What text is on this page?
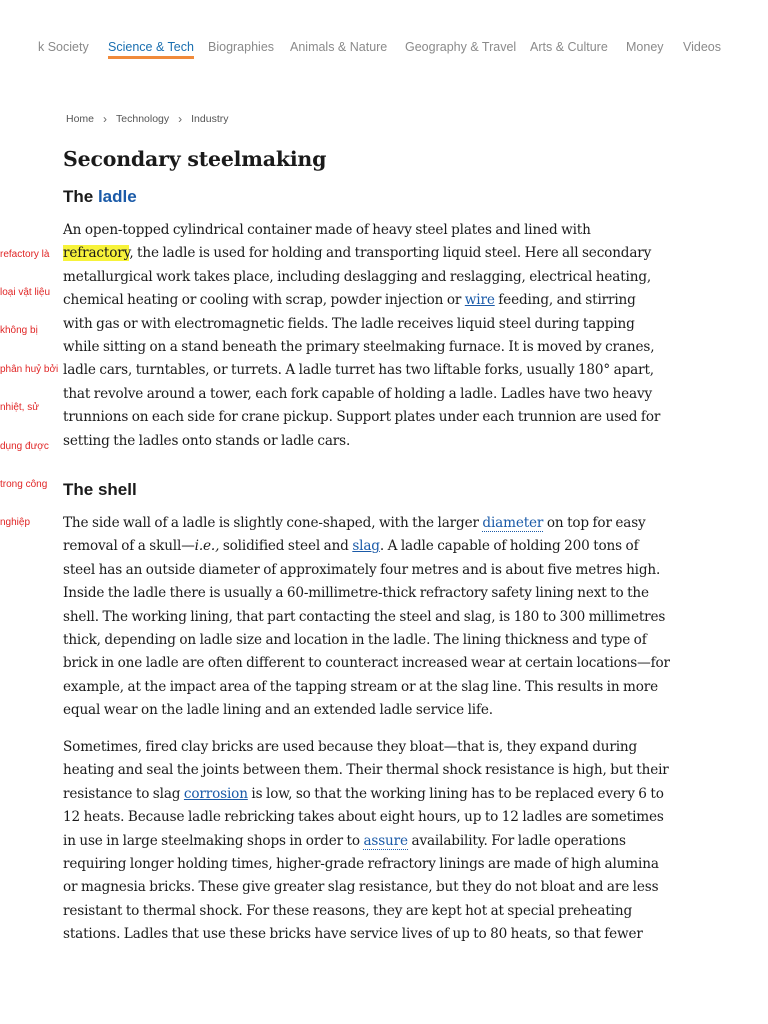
k Society Science & Tech Biographies Animals & Nature Geography & Travel Arts & Culture Money Videos
Home › Technology › Industry
Secondary steelmaking
The ladle

refactory là

loại vật liệu

không bị

phân huỷ bởi

nhiệt, sử

dụng được

trong công

nghiệp

An open-topped cylindrical container made of heavy steel plates and lined with
refractory, the ladle is used for holding and transporting liquid steel. Here all secondary
metallurgical work takes place, including deslagging and reslagging, electrical heating,
chemical heating or cooling with scrap, powder injection or wire feeding, and stirring
with gas or with electromagnetic fields. The ladle receives liquid steel during tapping
while sitting on a stand beneath the primary steelmaking furnace. It is moved by cranes,
ladle cars, turntables, or turrets. A ladle turret has two liftable forks, usually 180° apart,
that revolve around a tower, each fork capable of holding a ladle. Ladles have two heavy
trunnions on each side for crane pickup. Support plates under each trunnion are used for
setting the ladles onto stands or ladle cars.

The shell

The side wall of a ladle is slightly cone-shaped, with the larger diameter on top for easy
removal of a skull—i.e., solidified steel and slag. A ladle capable of holding 200 tons of
steel has an outside diameter of approximately four metres and is about five metres high.
Inside the ladle there is usually a 60-millimetre-thick refractory safety lining next to the
shell. The working lining, that part contacting the steel and slag, is 180 to 300 millimetres
thick, depending on ladle size and location in the ladle. The lining thickness and type of
brick in one ladle are often different to counteract increased wear at certain locations—for
example, at the impact area of the tapping stream or at the slag line. This results in more
equal wear on the ladle lining and an extended ladle service life.

Sometimes, fired clay bricks are used because they bloat—that is, they expand during
heating and seal the joints between them. Their thermal shock resistance is high, but their
resistance to slag corrosion is low, so that the working lining has to be replaced every 6 to
12 heats. Because ladle rebricking takes about eight hours, up to 12 ladles are sometimes
in use in large steelmaking shops in order to assure availability. For ladle operations
requiring longer holding times, higher-grade refractory linings are made of high alumina
or magnesia bricks. These give greater slag resistance, but they do not bloat and are less
resistant to thermal shock. For these reasons, they are kept hot at special preheating
stations. Ladles that use these bricks have service lives of up to 80 heats, so that fewer
